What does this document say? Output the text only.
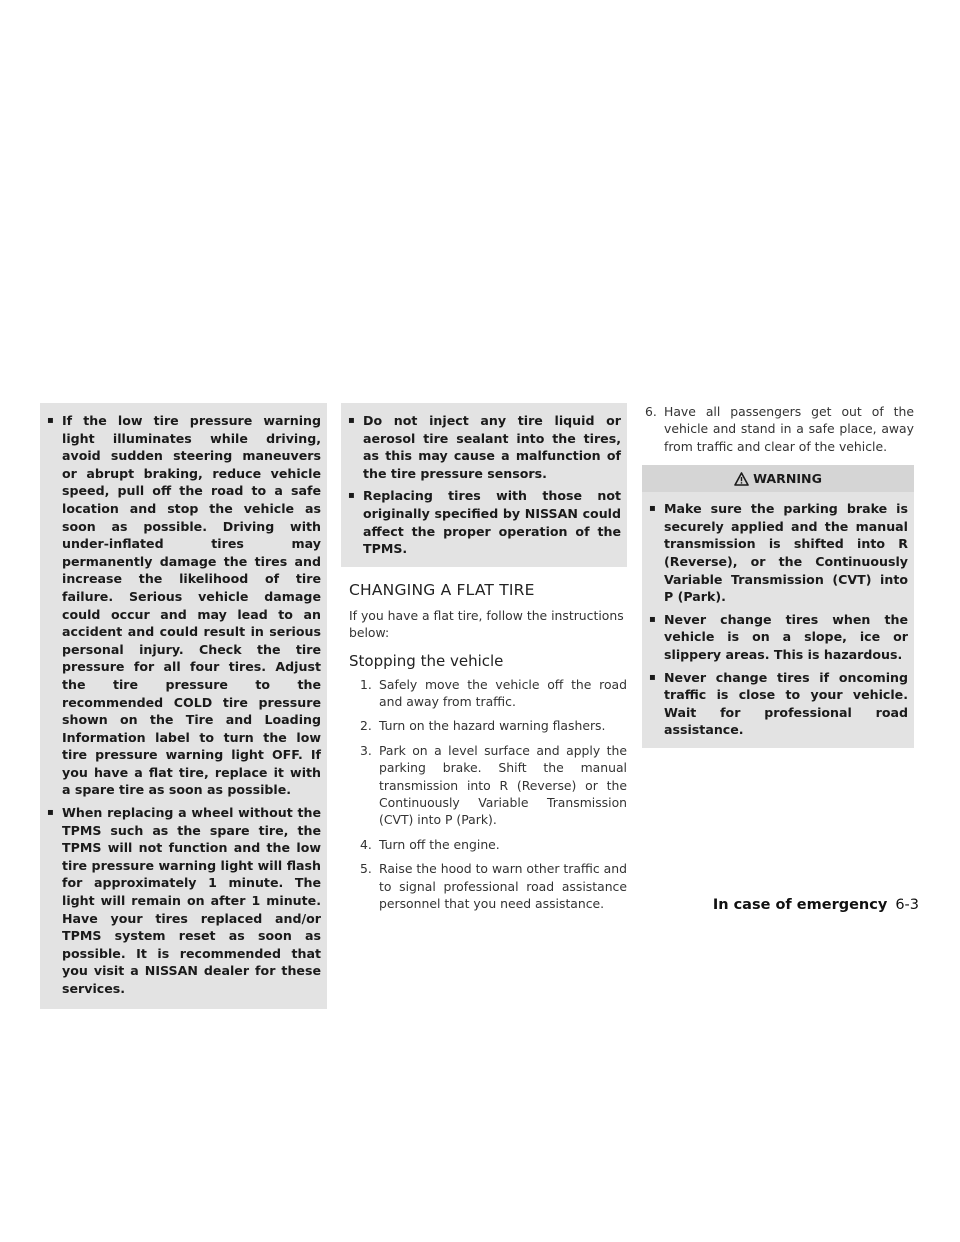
▪ If the low tire pressure warning light illuminates while driving, avoid sudden steering maneuvers or abrupt braking, reduce vehicle speed, pull off the road to a safe location and stop the vehicle as soon as possible. Driving with under-inflated tires may permanently damage the tires and increase the likelihood of tire failure. Serious vehicle damage could occur and may lead to an accident and could result in serious personal injury. Check the tire pressure for all four tires. Adjust the tire pressure to the recommended COLD tire pressure shown on the Tire and Loading Information label to turn the low tire pressure warning light OFF. If you have a flat tire, replace it with a spare tire as soon as possible.
▪ When replacing a wheel without the TPMS such as the spare tire, the TPMS will not function and the low tire pressure warning light will flash for approximately 1 minute. The light will remain on after 1 minute. Have your tires replaced and/or TPMS system reset as soon as possible. It is recommended that you visit a NISSAN dealer for these services.
▪ Do not inject any tire liquid or aerosol tire sealant into the tires, as this may cause a malfunction of the tire pressure sensors.
▪ Replacing tires with those not originally specified by NISSAN could affect the proper operation of the TPMS.
CHANGING A FLAT TIRE

If you have a flat tire, follow the instructions below:

Stopping the vehicle
1. Safely move the vehicle off the road and away from traffic.
2. Turn on the hazard warning flashers.
3. Park on a level surface and apply the parking brake. Shift the manual transmission into R (Reverse) or the Continuously Variable Transmission (CVT) into P (Park).
4. Turn off the engine.
5. Raise the hood to warn other traffic and to signal professional road assistance personnel that you need assistance.
6. Have all passengers get out of the vehicle and stand in a safe place, away from traffic and clear of the vehicle.
WARNING
▪ Make sure the parking brake is securely applied and the manual transmission is shifted into R (Reverse), or the Continuously Variable Transmission (CVT) into P (Park).
▪ Never change tires when the vehicle is on a slope, ice or slippery areas. This is hazardous.
▪ Never change tires if oncoming traffic is close to your vehicle. Wait for professional road assistance.
In case of emergency 6-3
